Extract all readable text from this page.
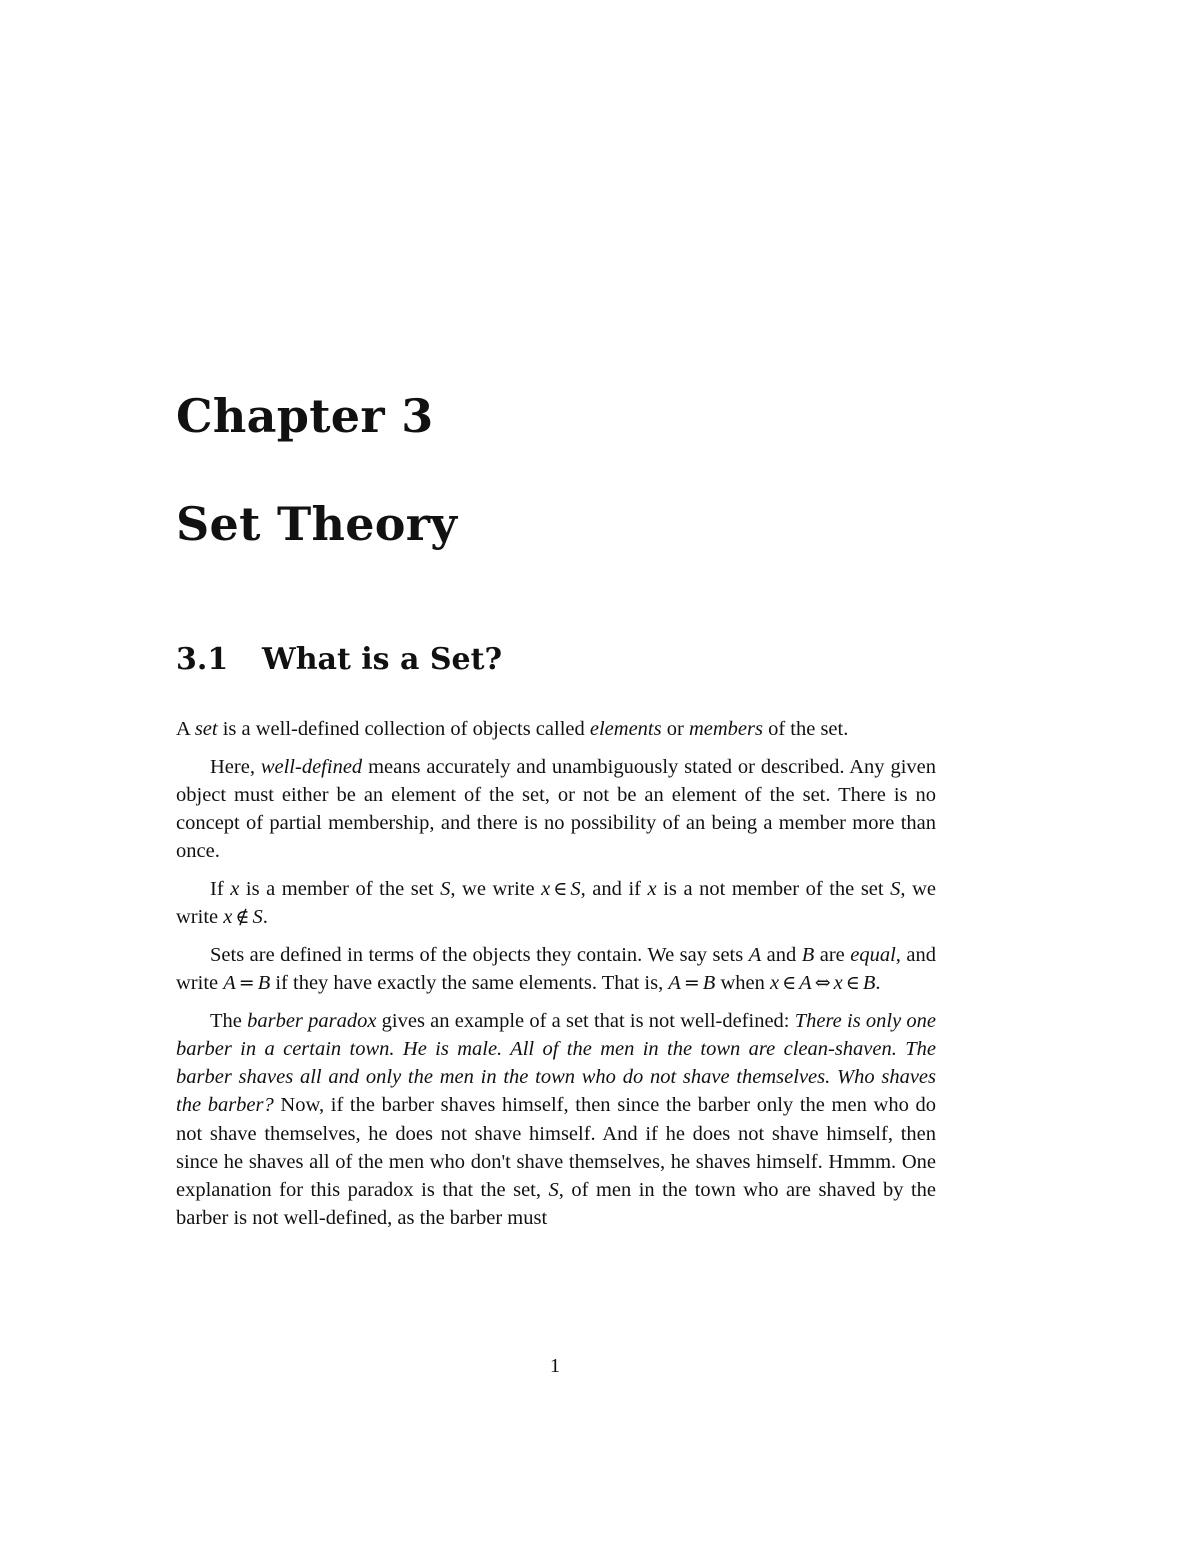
Chapter 3
Set Theory
3.1 What is a Set?

A set is a well-defined collection of objects called elements or members of the set.

Here, well-defined means accurately and unambiguously stated or described. Any given object must either be an element of the set, or not be an element of the set. There is no concept of partial membership, and there is no possibility of an being a member more than once.

If x is a member of the set S, we write x ∈ S, and if x is a not member of the set S, we write x ∉ S.

Sets are defined in terms of the objects they contain. We say sets A and B are equal, and write A = B if they have exactly the same elements. That is, A = B when x ∈ A ⇔ x ∈ B.

The barber paradox gives an example of a set that is not well-defined: There is only one barber in a certain town. He is male. All of the men in the town are clean-shaven. The barber shaves all and only the men in the town who do not shave themselves. Who shaves the barber? Now, if the barber shaves himself, then since the barber only the men who do not shave themselves, he does not shave himself. And if he does not shave himself, then since he shaves all of the men who don't shave themselves, he shaves himself. Hmmm. One explanation for this paradox is that the set, S, of men in the town who are shaved by the barber is not well-defined, as the barber must

1
